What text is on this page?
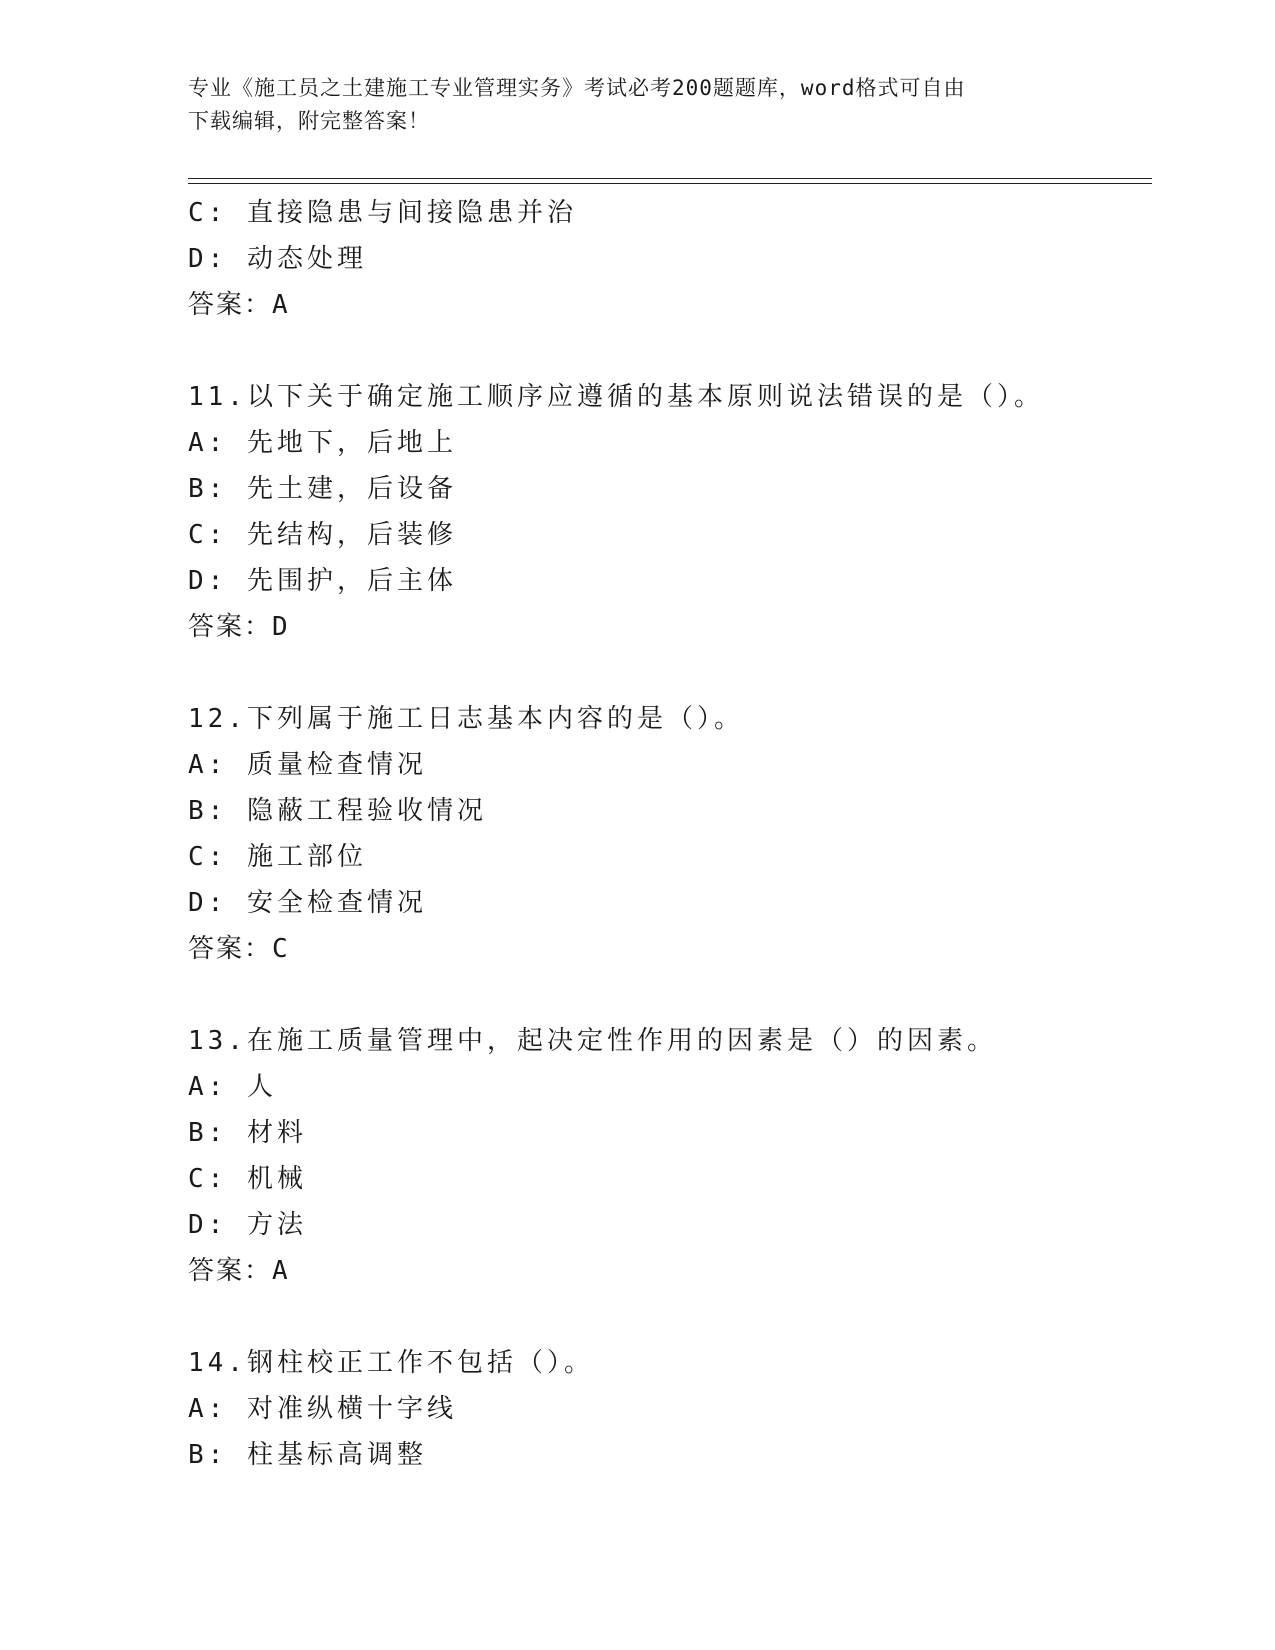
专业《施工员之土建施工专业管理实务》考试必考200题题库，word格式可自由
下载编辑，附完整答案！
C: 直接隐患与间接隐患并治
D: 动态处理
答案：A
11.以下关于确定施工顺序应遵循的基本原则说法错误的是（）。
A: 先地下，后地上
B: 先土建，后设备
C: 先结构，后装修
D: 先围护，后主体
答案：D
12.下列属于施工日志基本内容的是（）。
A: 质量检查情况
B: 隐蔽工程验收情况
C: 施工部位
D: 安全检查情况
答案：C
13.在施工质量管理中，起决定性作用的因素是（）的因素。
A: 人
B: 材料
C: 机械
D: 方法
答案：A
14.钢柱校正工作不包括（）。
A: 对准纵横十字线
B: 柱基标高调整
